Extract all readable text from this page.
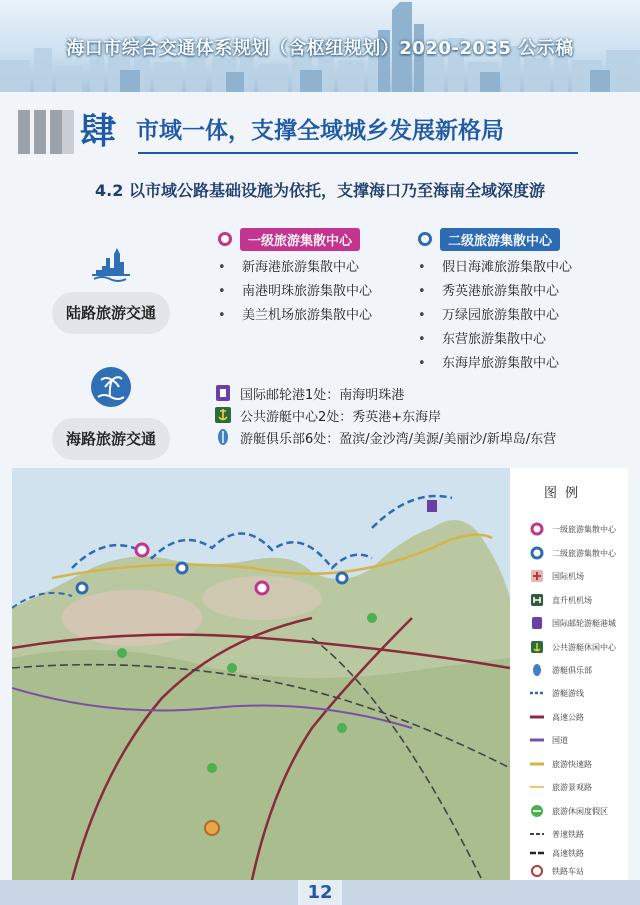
海口市综合交通体系规划（含枢纽规划）2020-2035 公示稿
肆 市域一体，支撑全域城乡发展新格局
4.2 以市域公路基础设施为依托，支撑海口乃至海南全域深度游
陆路旅游交通
一级旅游集散中心
• 新海港旅游集散中心
• 南港明珠旅游集散中心
• 美兰机场旅游集散中心
二级旅游集散中心
• 假日海滩旅游集散中心
• 秀英港旅游集散中心
• 万绿园旅游集散中心
• 东营旅游集散中心
• 东海岸旅游集散中心
海路旅游交通
国际邮轮港1处：南海明珠港
公共游艇中心2处：秀英港+东海岸
游艇俱乐部6处：盈滨/金沙湾/美源/美丽沙/新埠岛/东营
图例
一级旅游集散中心
二级旅游集散中心
国际机场
直升机机场
国际邮轮游艇港城
公共游艇休闲中心
游艇俱乐部
游艇游线
高速公路
国道
旅游快速路
旅游景观路
旅游休闲度假区
普速铁路
高速铁路
铁路车站
12
